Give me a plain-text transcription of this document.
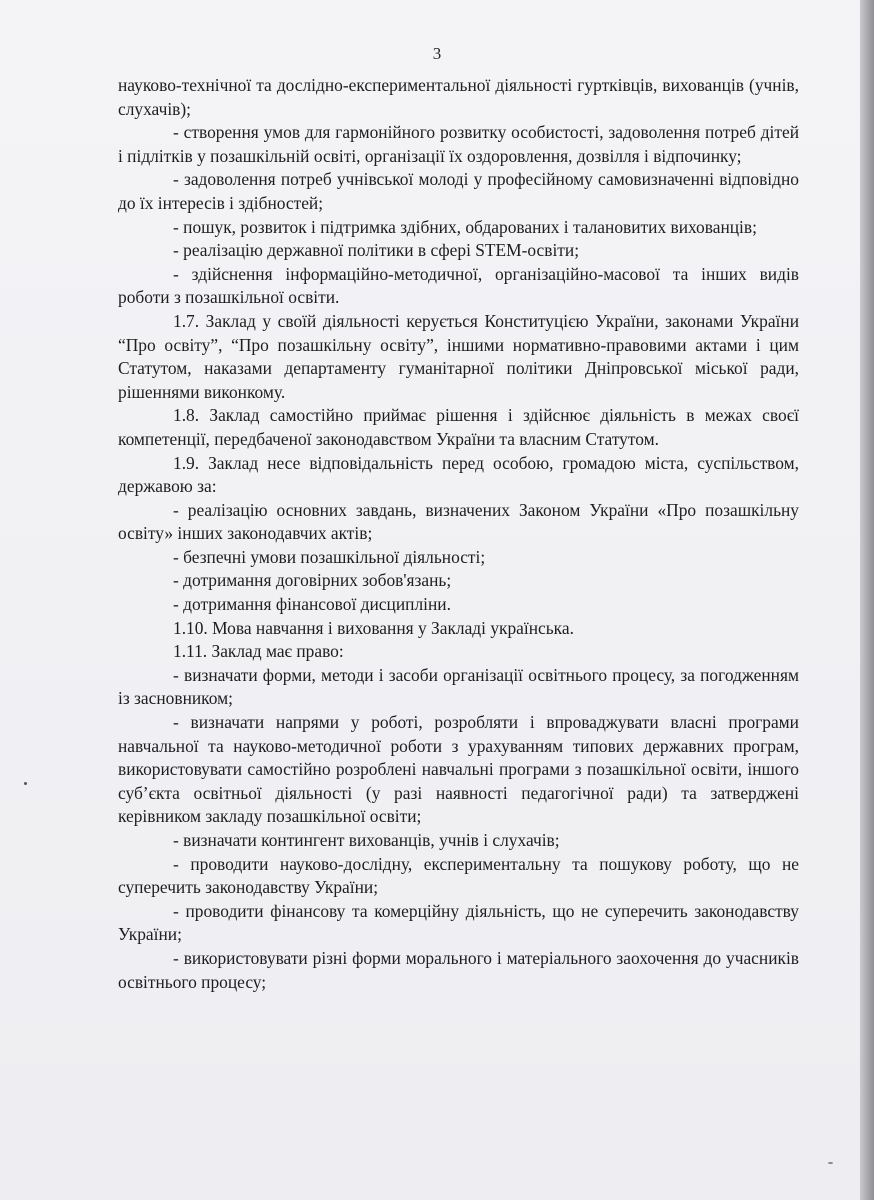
3

науково-технічної та дослідно-експериментальної діяльності гуртківців, вихованців (учнів, слухачів);

- створення умов для гармонійного розвитку особистості, задоволення потреб дітей і підлітків у позашкільній освіті, організації їх оздоровлення, дозвілля і відпочинку;

- задоволення потреб учнівської молоді у професійному самовизначенні відповідно до їх інтересів і здібностей;

- пошук, розвиток і підтримка здібних, обдарованих і талановитих вихованців;

- реалізацію державної політики в сфері STEM-освіти;

- здійснення інформаційно-методичної, організаційно-масової та інших видів роботи з позашкільної освіти.

1.7. Заклад у своїй діяльності керується Конституцією України, законами України “Про освіту”, “Про позашкільну освіту”, іншими нормативно-правовими актами і цим Статутом, наказами департаменту гуманітарної політики Дніпровської міської ради, рішеннями виконкому.

1.8. Заклад самостійно приймає рішення і здійснює діяльність в межах своєї компетенції, передбаченої законодавством України та власним Статутом.

1.9. Заклад несе відповідальність перед особою, громадою міста, суспільством, державою за:

- реалізацію основних завдань, визначених Законом України «Про позашкільну освіту» інших законодавчих актів;

- безпечні умови позашкільної діяльності;

- дотримання договірних зобов'язань;

- дотримання фінансової дисципліни.

1.10. Мова навчання і виховання у Закладі українська.

1.11. Заклад має право:

- визначати форми, методи і засоби організації освітнього процесу, за погодженням із засновником;

- визначати напрями у роботі, розробляти і впроваджувати власні програми навчальної та науково-методичної роботи з урахуванням типових державних програм, використовувати самостійно розроблені навчальні програми з позашкільної освіти, іншого суб’єкта освітньої діяльності (у разі наявності педагогічної ради) та затверджені керівником закладу позашкільної освіти;

- визначати контингент вихованців, учнів і слухачів;

- проводити науково-дослідну, експериментальну та пошукову роботу, що не суперечить законодавству України;

- проводити фінансову та комерційну діяльність, що не суперечить законодавству України;

- використовувати різні форми морального і матеріального заохочення до учасників освітнього процесу;
